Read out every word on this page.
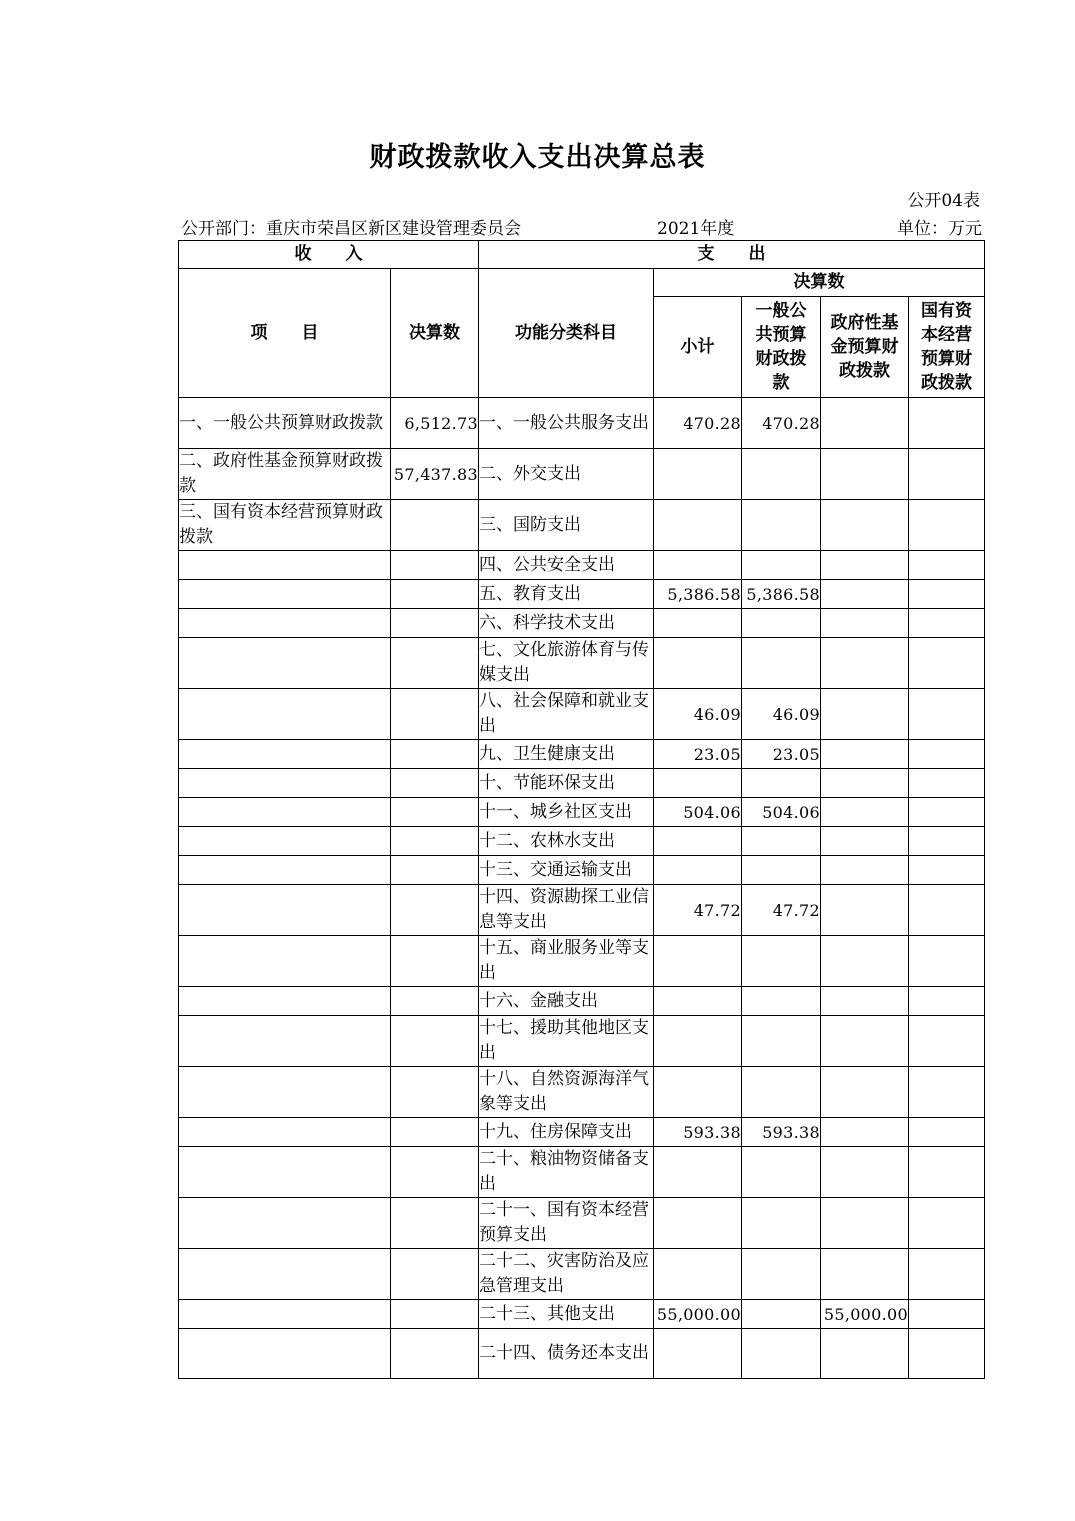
财政拨款收入支出决算总表
公开04表
公开部门：重庆市荣昌区新区建设管理委员会	2021年度	单位：万元
收　　入		支　　出				
项　　目	决算数	功能分类科目	决算数			
			小计	一般公共预算财政拨款	政府性基金预算财政拨款	国有资本经营预算财政拨款
一、一般公共预算财政拨款	6,512.73	一、一般公共服务支出	470.28	470.28		
二、政府性基金预算财政拨款	57,437.83	二、外交支出				
三、国有资本经营预算财政拨款		三、国防支出				
		四、公共安全支出				
		五、教育支出	5,386.58	5,386.58		
		六、科学技术支出				
		七、文化旅游体育与传媒支出				
		八、社会保障和就业支出	46.09	46.09		
		九、卫生健康支出	23.05	23.05		
		十、节能环保支出				
		十一、城乡社区支出	504.06	504.06		
		十二、农林水支出				
		十三、交通运输支出				
		十四、资源勘探工业信息等支出	47.72	47.72		
		十五、商业服务业等支出				
		十六、金融支出				
		十七、援助其他地区支出				
		十八、自然资源海洋气象等支出				
		十九、住房保障支出	593.38	593.38		
		二十、粮油物资储备支出				
		二十一、国有资本经营预算支出				
		二十二、灾害防治及应急管理支出				
		二十三、其他支出	55,000.00		55,000.00	
		二十四、债务还本支出				
